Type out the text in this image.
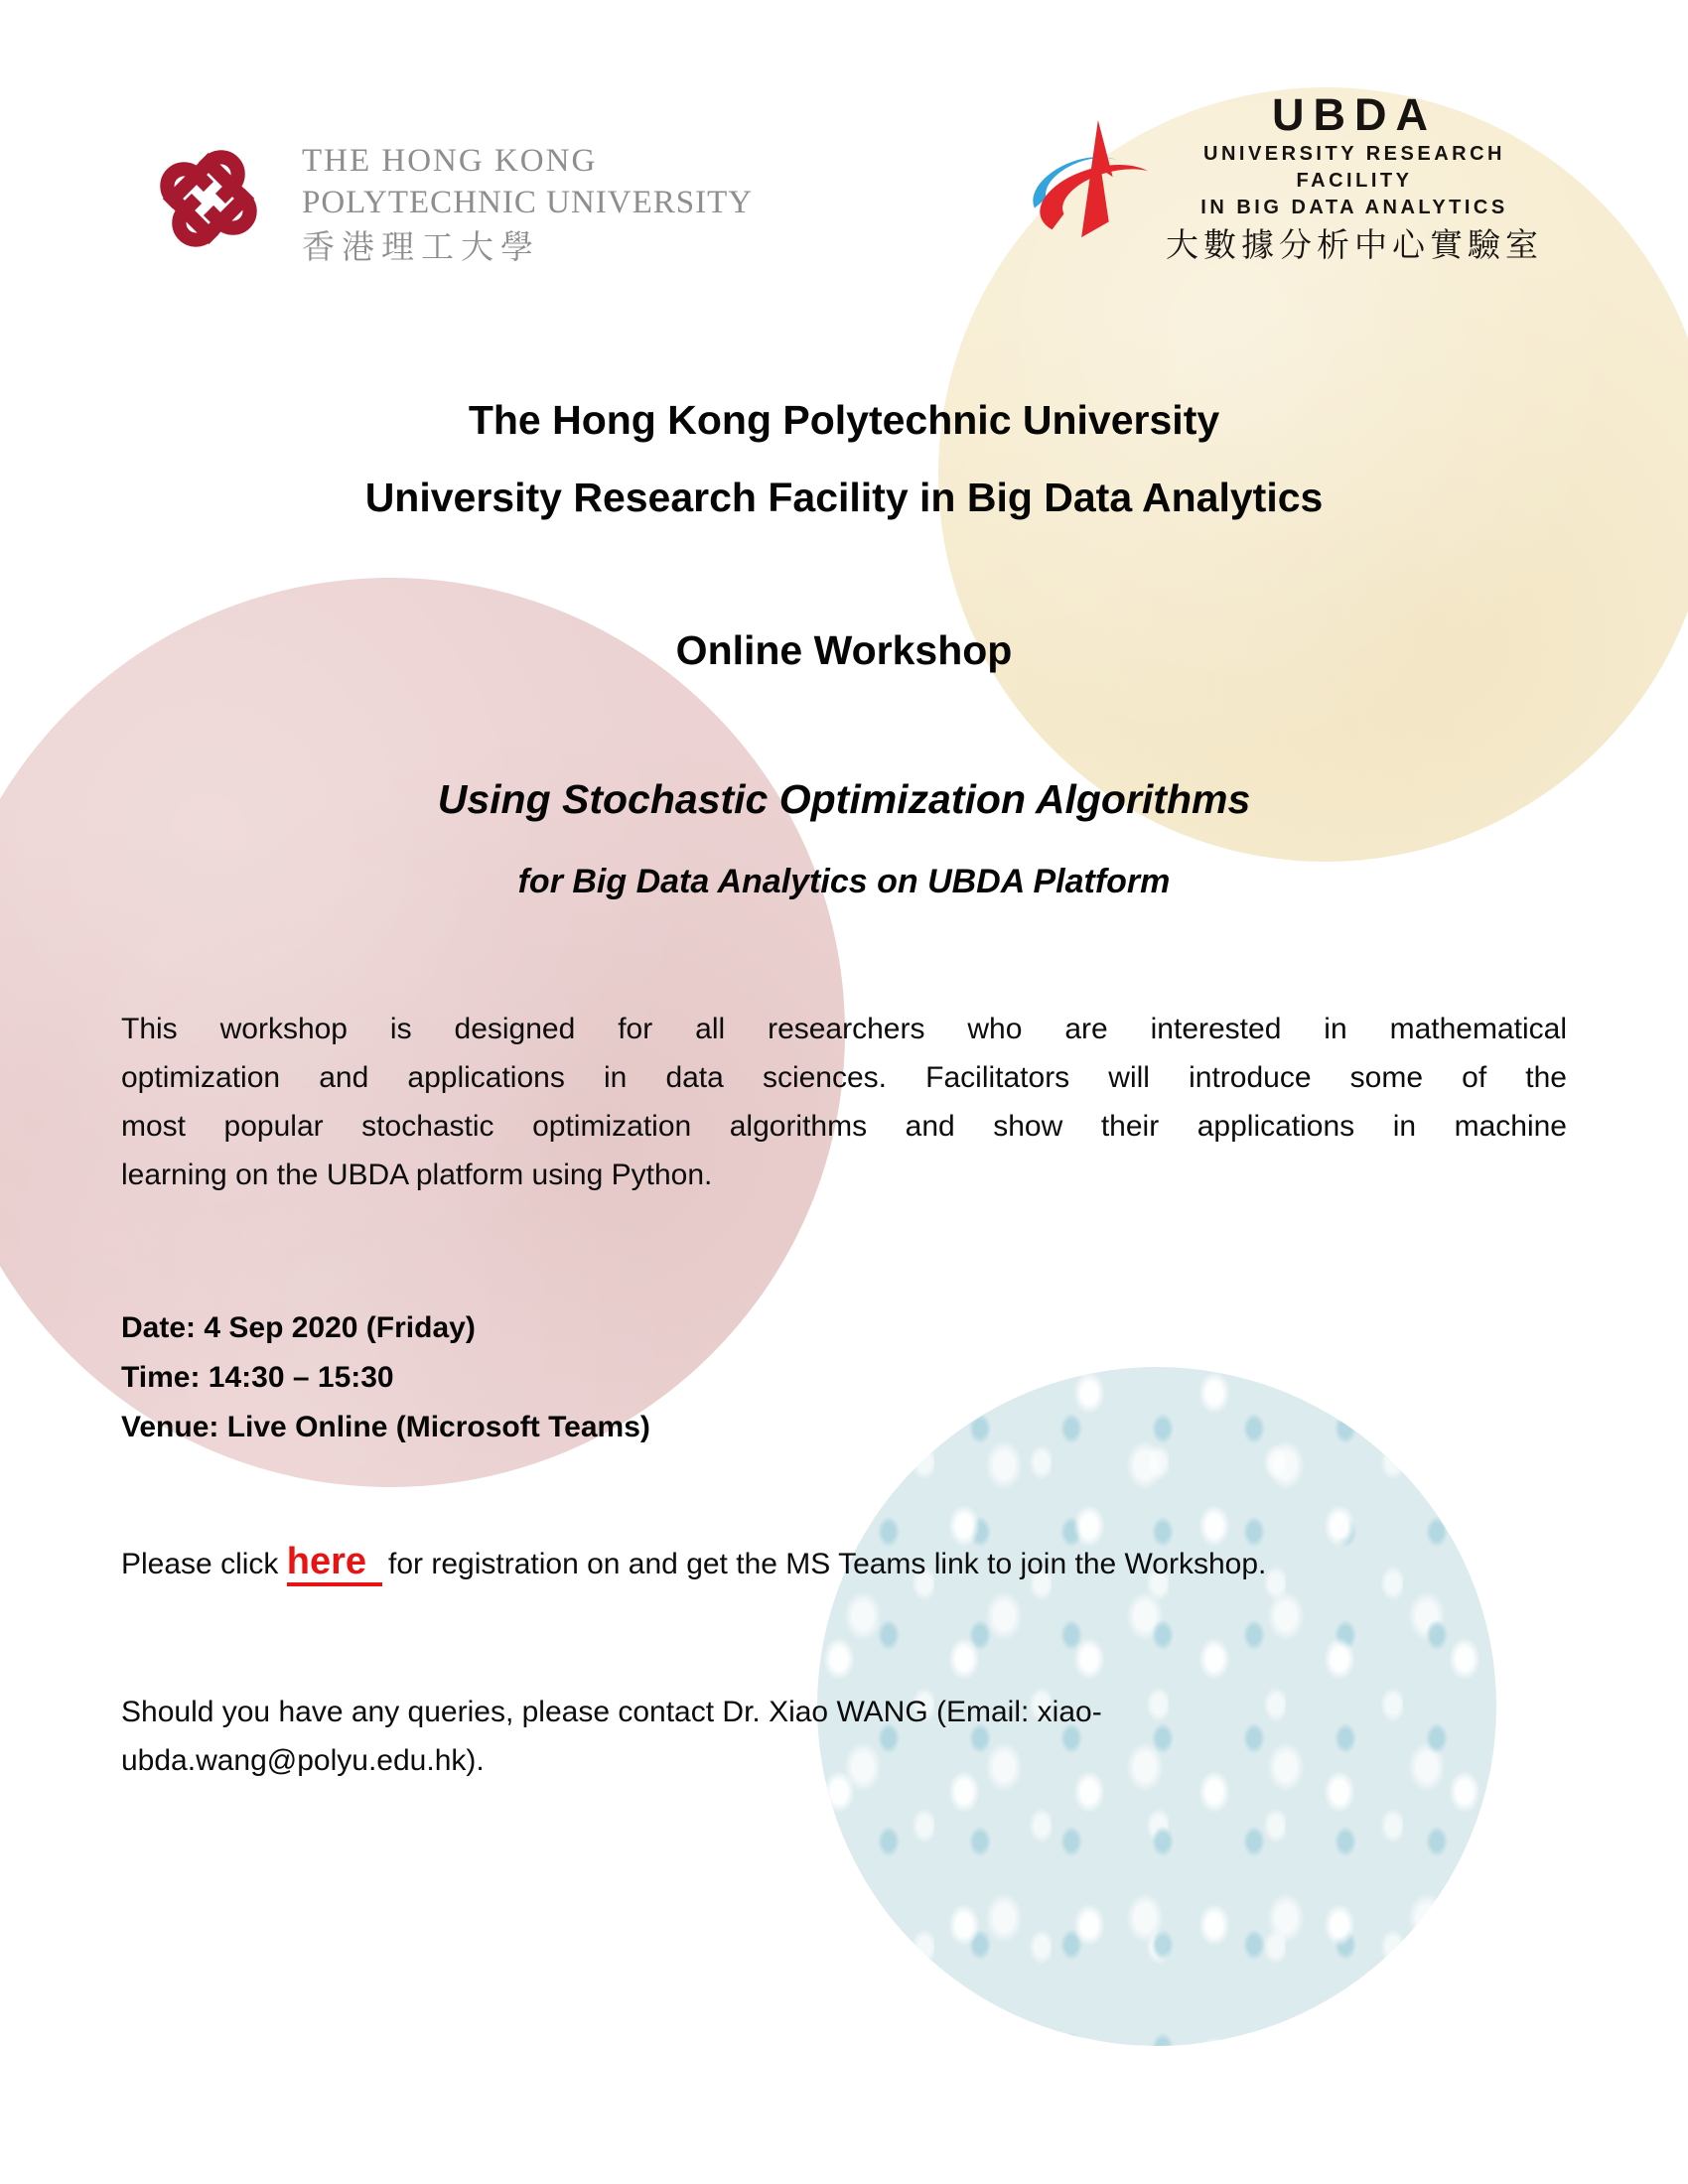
THE HONG KONG
POLYTECHNIC UNIVERSITY
香港理工大學
UBDA
UNIVERSITY RESEARCH FACILITY
IN BIG DATA ANALYTICS
大數據分析中心實驗室
The Hong Kong Polytechnic University
University Research Facility in Big Data Analytics
Online Workshop
Using Stochastic Optimization Algorithms
for Big Data Analytics on UBDA Platform
This workshop is designed for all researchers who are interested in mathematical
optimization and applications in data sciences. Facilitators will introduce some of the
most popular stochastic optimization algorithms and show their applications in machine
learning on the UBDA platform using Python.
Date: 4 Sep 2020 (Friday)
Time: 14:30 – 15:30
Venue: Live Online (Microsoft Teams)
Please click here for registration on and get the MS Teams link to join the Workshop.
Should you have any queries, please contact Dr. Xiao WANG (Email: xiao-
ubda.wang@polyu.edu.hk).
